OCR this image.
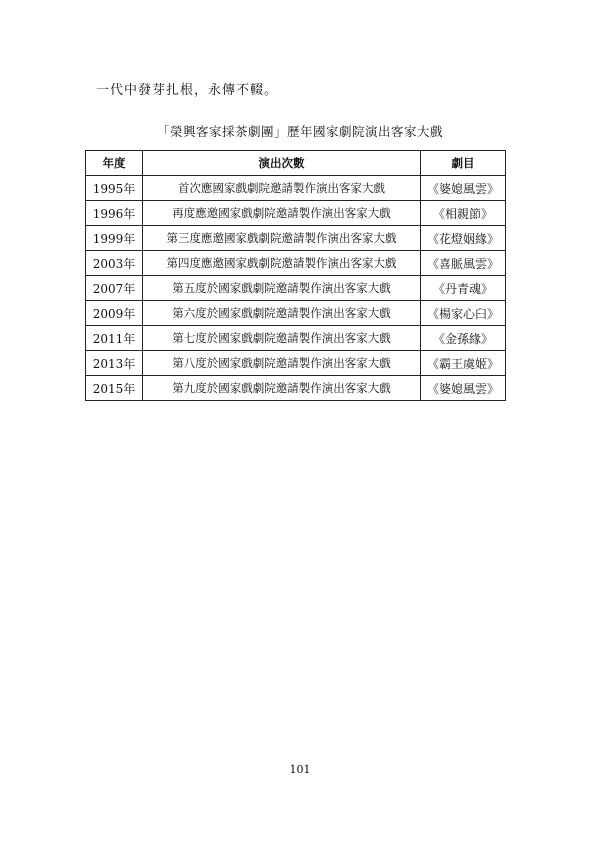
一代中發芽扎根，永傳不輟。
「榮興客家採茶劇團」歷年國家劇院演出客家大戲
年度	演出次數	劇目
1995年	首次應國家戲劇院邀請製作演出客家大戲	《婆媳風雲》
1996年	再度應邀國家戲劇院邀請製作演出客家大戲	《相親節》
1999年	第三度應邀國家戲劇院邀請製作演出客家大戲	《花燈姻緣》
2003年	第四度應邀國家戲劇院邀請製作演出客家大戲	《喜脈風雲》
2007年	第五度於國家戲劇院邀請製作演出客家大戲	《丹青魂》
2009年	第六度於國家戲劇院邀請製作演出客家大戲	《楊家心臼》
2011年	第七度於國家戲劇院邀請製作演出客家大戲	《金孫緣》
2013年	第八度於國家戲劇院邀請製作演出客家大戲	《霸王虞姬》
2015年	第九度於國家戲劇院邀請製作演出客家大戲	《婆媳風雲》
101
